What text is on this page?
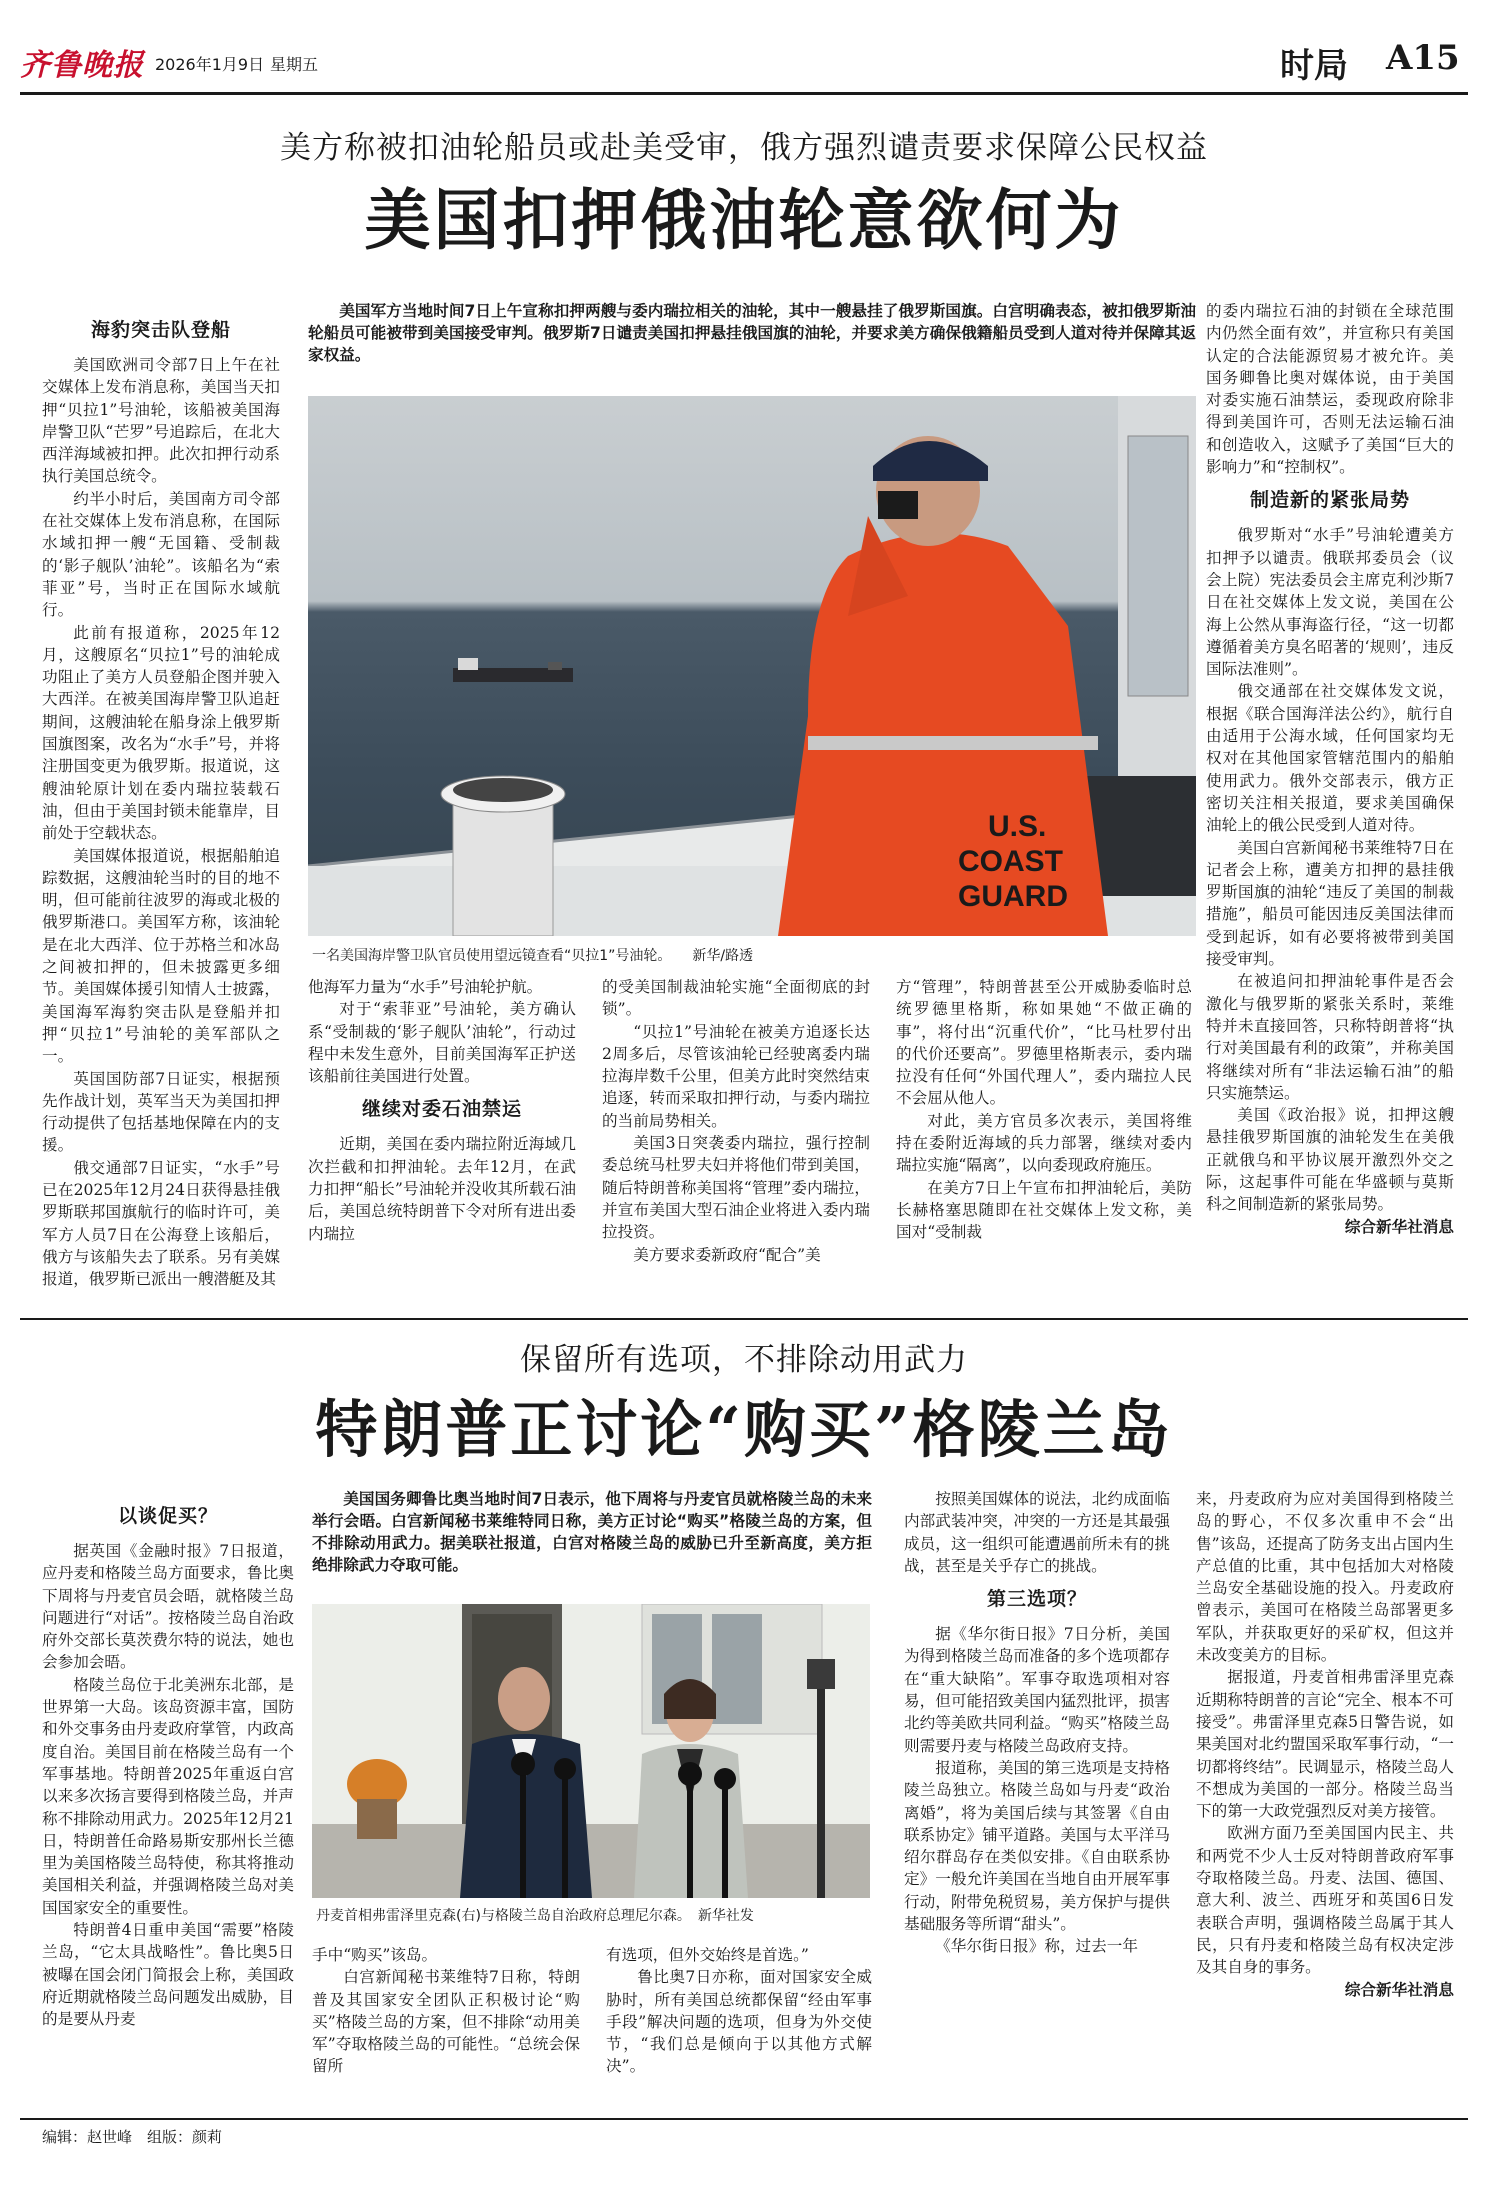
齐鲁晚报 2026年1月9日 星期五	时局 A15
美方称被扣油轮船员或赴美受审，俄方强烈谴责要求保障公民权益
美国扣押俄油轮意欲何为
海豹突击队登船

美国欧洲司令部7日上午在社交媒体上发布消息称，美国当天扣押“贝拉1”号油轮，该船被美国海岸警卫队“芒罗”号追踪后，在北大西洋海域被扣押。此次扣押行动系执行美国总统令。

约半小时后，美国南方司令部在社交媒体上发布消息称，在国际水域扣押一艘“无国籍、受制裁的‘影子舰队’油轮”。该船名为“索菲亚”号，当时正在国际水域航行。

此前有报道称，2025年12月，这艘原名“贝拉1”号的油轮成功阻止了美方人员登船企图并驶入大西洋。在被美国海岸警卫队追赶期间，这艘油轮在船身涂上俄罗斯国旗图案，改名为“水手”号，并将注册国变更为俄罗斯。报道说，这艘油轮原计划在委内瑞拉装载石油，但由于美国封锁未能靠岸，目前处于空载状态。

美国媒体报道说，根据船舶追踪数据，这艘油轮当时的目的地不明，但可能前往波罗的海或北极的俄罗斯港口。美国军方称，该油轮是在北大西洋、位于苏格兰和冰岛之间被扣押的，但未披露更多细节。美国媒体援引知情人士披露，美国海军海豹突击队是登船并扣押“贝拉1”号油轮的美军部队之一。

英国国防部7日证实，根据预先作战计划，英军当天为美国扣押行动提供了包括基地保障在内的支援。

俄交通部7日证实，“水手”号已在2025年12月24日获得悬挂俄罗斯联邦国旗航行的临时许可，美军方人员7日在公海登上该船后，俄方与该船失去了联系。另有美媒报道，俄罗斯已派出一艘潜艇及其

美国军方当地时间7日上午宣称扣押两艘与委内瑞拉相关的油轮，其中一艘悬挂了俄罗斯国旗。白宫明确表态，被扣俄罗斯油轮船员可能被带到美国接受审判。俄罗斯7日谴责美国扣押悬挂俄国旗的油轮，并要求美方确保俄籍船员受到人道对待并保障其返家权益。

U.S.
COAST
GUARD
一名美国海岸警卫队官员使用望远镜查看“贝拉1”号油轮。　　新华/路透

他海军力量为“水手”号油轮护航。

对于“索菲亚”号油轮，美方确认系“受制裁的‘影子舰队’油轮”，行动过程中未发生意外，目前美国海军正护送该船前往美国进行处置。

继续对委石油禁运

近期，美国在委内瑞拉附近海域几次拦截和扣押油轮。去年12月，在武力扣押“船长”号油轮并没收其所载石油后，美国总统特朗普下令对所有进出委内瑞拉

的受美国制裁油轮实施“全面彻底的封锁”。

“贝拉1”号油轮在被美方追逐长达2周多后，尽管该油轮已经驶离委内瑞拉海岸数千公里，但美方此时突然结束追逐，转而采取扣押行动，与委内瑞拉的当前局势相关。

美国3日突袭委内瑞拉，强行控制委总统马杜罗夫妇并将他们带到美国，随后特朗普称美国将“管理”委内瑞拉，并宣布美国大型石油企业将进入委内瑞拉投资。

美方要求委新政府“配合”美

方“管理”，特朗普甚至公开威胁委临时总统罗德里格斯，称如果她“不做正确的事”，将付出“沉重代价”，“比马杜罗付出的代价还要高”。罗德里格斯表示，委内瑞拉没有任何“外国代理人”，委内瑞拉人民不会屈从他人。

对此，美方官员多次表示，美国将维持在委附近海域的兵力部署，继续对委内瑞拉实施“隔离”，以向委现政府施压。

在美方7日上午宣布扣押油轮后，美防长赫格塞思随即在社交媒体上发文称，美国对“受制裁

的委内瑞拉石油的封锁在全球范围内仍然全面有效”，并宣称只有美国认定的合法能源贸易才被允许。美国务卿鲁比奥对媒体说，由于美国对委实施石油禁运，委现政府除非得到美国许可，否则无法运输石油和创造收入，这赋予了美国“巨大的影响力”和“控制权”。

制造新的紧张局势

俄罗斯对“水手”号油轮遭美方扣押予以谴责。俄联邦委员会（议会上院）宪法委员会主席克利沙斯7日在社交媒体上发文说，美国在公海上公然从事海盗行径，“这一切都遵循着美方臭名昭著的‘规则’，违反国际法准则”。

俄交通部在社交媒体发文说，根据《联合国海洋法公约》，航行自由适用于公海水域，任何国家均无权对在其他国家管辖范围内的船舶使用武力。俄外交部表示，俄方正密切关注相关报道，要求美国确保油轮上的俄公民受到人道对待。

美国白宫新闻秘书莱维特7日在记者会上称，遭美方扣押的悬挂俄罗斯国旗的油轮“违反了美国的制裁措施”，船员可能因违反美国法律而受到起诉，如有必要将被带到美国接受审判。

在被追问扣押油轮事件是否会激化与俄罗斯的紧张关系时，莱维特并未直接回答，只称特朗普将“执行对美国最有利的政策”，并称美国将继续对所有“非法运输石油”的船只实施禁运。

美国《政治报》说，扣押这艘悬挂俄罗斯国旗的油轮发生在美俄正就俄乌和平协议展开激烈外交之际，这起事件可能在华盛顿与莫斯科之间制造新的紧张局势。

综合新华社消息

保留所有选项，不排除动用武力
特朗普正讨论“购买”格陵兰岛
以谈促买？

据英国《金融时报》7日报道，应丹麦和格陵兰岛方面要求，鲁比奥下周将与丹麦官员会晤，就格陵兰岛问题进行“对话”。按格陵兰岛自治政府外交部长莫茨费尔特的说法，她也会参加会晤。

格陵兰岛位于北美洲东北部，是世界第一大岛。该岛资源丰富，国防和外交事务由丹麦政府掌管，内政高度自治。美国目前在格陵兰岛有一个军事基地。特朗普2025年重返白宫以来多次扬言要得到格陵兰岛，并声称不排除动用武力。2025年12月21日，特朗普任命路易斯安那州长兰德里为美国格陵兰岛特使，称其将推动美国相关利益，并强调格陵兰岛对美国国家安全的重要性。

特朗普4日重申美国“需要”格陵兰岛，“它太具战略性”。鲁比奥5日被曝在国会闭门简报会上称，美国政府近期就格陵兰岛问题发出威胁，目的是要从丹麦

美国国务卿鲁比奥当地时间7日表示，他下周将与丹麦官员就格陵兰岛的未来举行会晤。白宫新闻秘书莱维特同日称，美方正讨论“购买”格陵兰岛的方案，但不排除动用武力。据美联社报道，白宫对格陵兰岛的威胁已升至新高度，美方拒绝排除武力夺取可能。

丹麦首相弗雷泽里克森(右)与格陵兰岛自治政府总理尼尔森。　新华社发

手中“购买”该岛。

白宫新闻秘书莱维特7日称，特朗普及其国家安全团队正积极讨论“购买”格陵兰岛的方案，但不排除“动用美军”夺取格陵兰岛的可能性。“总统会保留所

有选项，但外交始终是首选。”

鲁比奥7日亦称，面对国家安全威胁时，所有美国总统都保留“经由军事手段”解决问题的选项，但身为外交使节，“我们总是倾向于以其他方式解决”。

按照美国媒体的说法，北约成面临内部武装冲突，冲突的一方还是其最强成员，这一组织可能遭遇前所未有的挑战，甚至是关乎存亡的挑战。

第三选项？

据《华尔街日报》7日分析，美国为得到格陵兰岛而准备的多个选项都存在“重大缺陷”。军事夺取选项相对容易，但可能招致美国内猛烈批评，损害北约等美欧共同利益。“购买”格陵兰岛则需要丹麦与格陵兰岛政府支持。

报道称，美国的第三选项是支持格陵兰岛独立。格陵兰岛如与丹麦“政治离婚”，将为美国后续与其签署《自由联系协定》铺平道路。美国与太平洋马绍尔群岛存在类似安排。《自由联系协定》一般允许美国在当地自由开展军事行动，附带免税贸易，美方保护与提供基础服务等所谓“甜头”。

《华尔街日报》称，过去一年

来，丹麦政府为应对美国得到格陵兰岛的野心，不仅多次重申不会“出售”该岛，还提高了防务支出占国内生产总值的比重，其中包括加大对格陵兰岛安全基础设施的投入。丹麦政府曾表示，美国可在格陵兰岛部署更多军队，并获取更好的采矿权，但这并未改变美方的目标。

据报道，丹麦首相弗雷泽里克森近期称特朗普的言论“完全、根本不可接受”。弗雷泽里克森5日警告说，如果美国对北约盟国采取军事行动，“一切都将终结”。民调显示，格陵兰岛人不想成为美国的一部分。格陵兰岛当下的第一大政党强烈反对美方接管。

欧洲方面乃至美国国内民主、共和两党不少人士反对特朗普政府军事夺取格陵兰岛。丹麦、法国、德国、意大利、波兰、西班牙和英国6日发表联合声明，强调格陵兰岛属于其人民，只有丹麦和格陵兰岛有权决定涉及其自身的事务。

综合新华社消息

编辑：赵世峰　组版：颜莉
